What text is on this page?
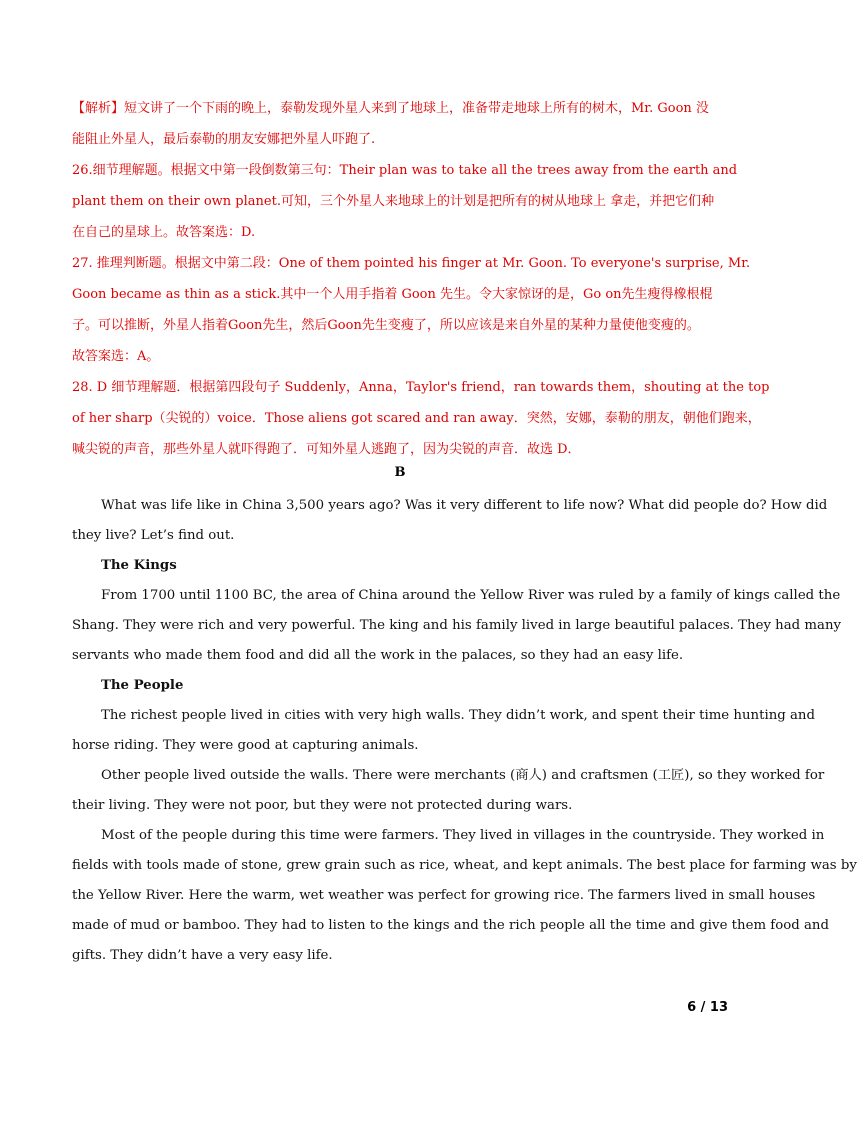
【解析】短文讲了一个下雨的晚上，泰勒发现外星人来到了地球上，准备带走地球上所有的树木，Mr. Goon 没
能阻止外星人，最后泰勒的朋友安娜把外星人吓跑了.
26.细节理解题。根据文中第一段倒数第三句：Their plan was to take all the trees away from the earth and
plant them on their own planet.可知，三个外星人来地球上的计划是把所有的树从地球上 拿走，并把它们种
在自己的星球上。故答案选：D.
27. 推理判断题。根据文中第二段：One of them pointed his finger at Mr. Goon. To everyone's surprise, Mr.
Goon became as thin as a stick.其中一个人用手指着 Goon 先生。令大家惊讶的是，Go on先生瘦得橡根棍
子。可以推断，外星人指着Goon先生，然后Goon先生变瘦了，所以应该是来自外星的某种力量使他变瘦的。
故答案选：A。
28. D 细节理解题．根据第四段句子 Suddenly，Anna，Taylor's friend，ran towards them，shouting at the top
of her sharp（尖锐的）voice．Those aliens got scared and ran away．突然，安娜，泰勒的朋友，朝他们跑来，
喊尖锐的声音，那些外星人就吓得跑了．可知外星人逃跑了，因为尖锐的声音．故选 D．
B
What was life like in China 3,500 years ago? Was it very different to life now? What did people do? How did
they live? Let’s find out.
The Kings
From 1700 until 1100 BC, the area of China around the Yellow River was ruled by a family of kings called the
Shang. They were rich and very powerful. The king and his family lived in large beautiful palaces. They had many
servants who made them food and did all the work in the palaces, so they had an easy life.
The People
The richest people lived in cities with very high walls. They didn’t work, and spent their time hunting and
horse riding. They were good at capturing animals.
Other people lived outside the walls. There were merchants (商人) and craftsmen (工匠), so they worked for
their living. They were not poor, but they were not protected during wars.
Most of the people during this time were farmers. They lived in villages in the countryside. They worked in
fields with tools made of stone, grew grain such as rice, wheat, and kept animals. The best place for farming was by
the Yellow River. Here the warm, wet weather was perfect for growing rice. The farmers lived in small houses
made of mud or bamboo. They had to listen to the kings and the rich people all the time and give them food and
gifts. They didn’t have a very easy life.
6 / 13
